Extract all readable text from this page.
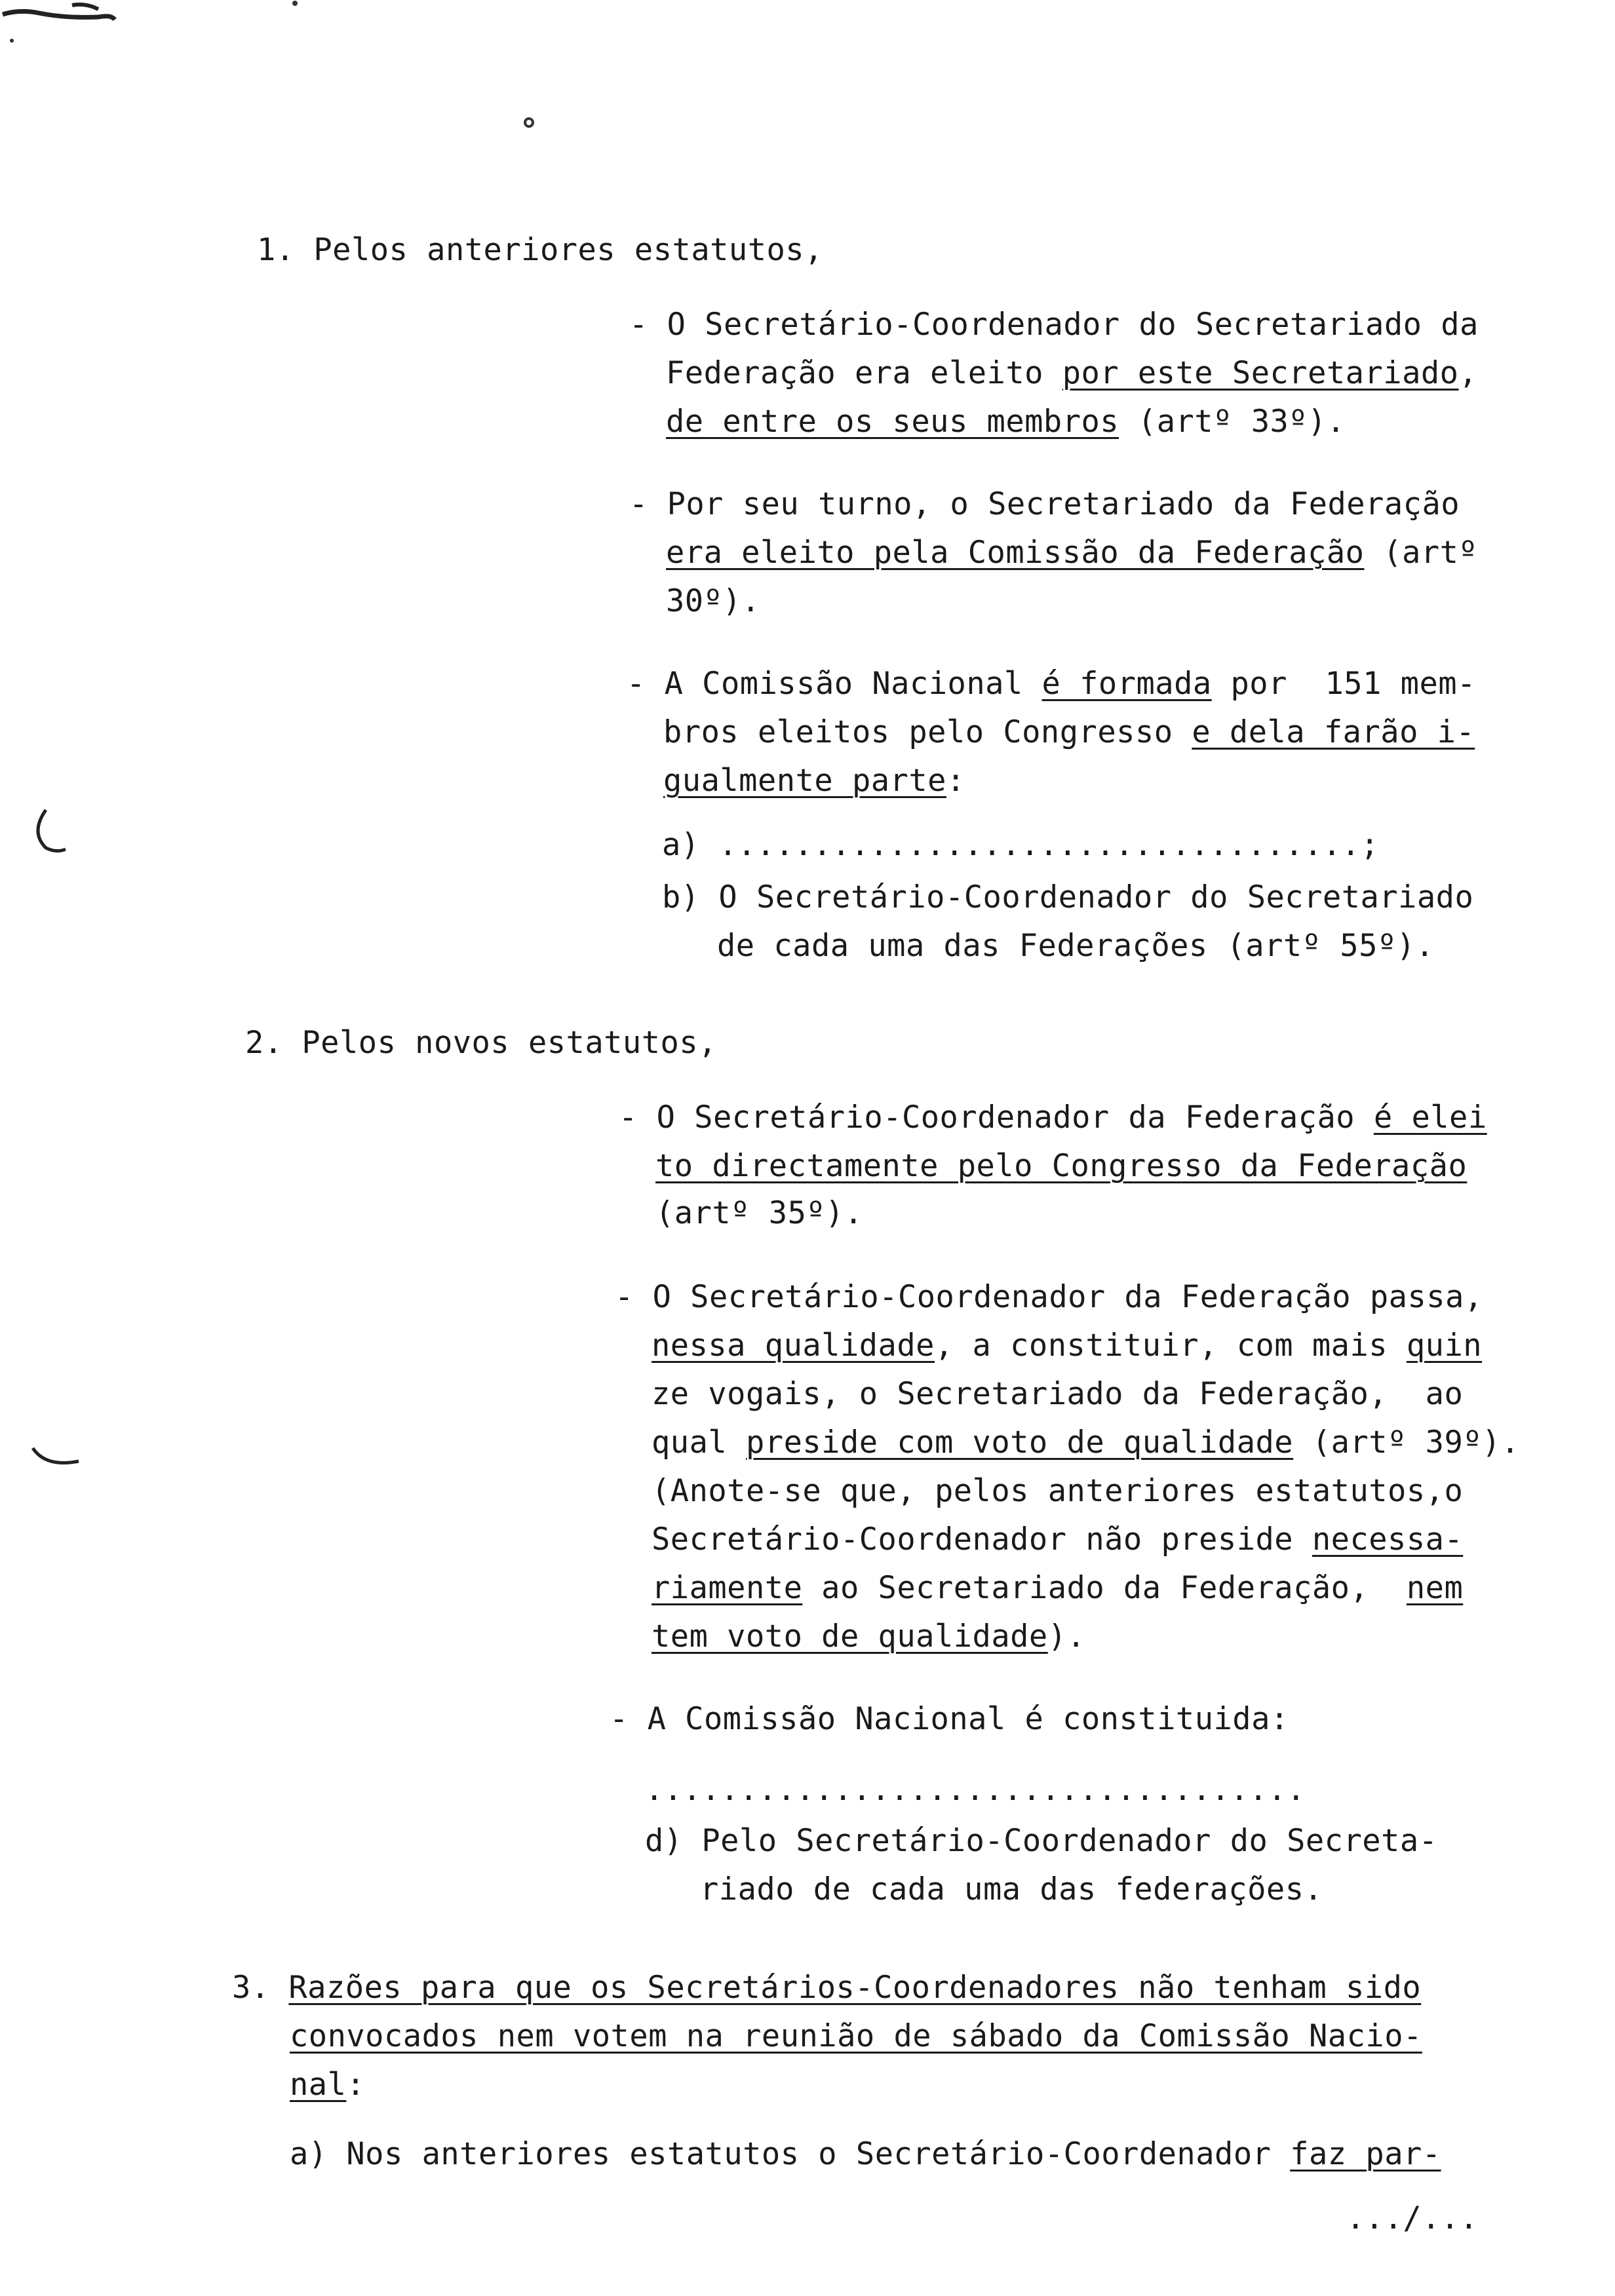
1. Pelos anteriores estatutos,
- O Secretário-Coordenador do Secretariado da
Federação era eleito por este Secretariado,
de entre os seus membros (artº 33º).
- Por seu turno, o Secretariado da Federação
era eleito pela Comissão da Federação (artº
30º).
- A Comissão Nacional é formada por  151 mem-
bros eleitos pelo Congresso e dela farão i-
gualmente parte:
a) ..................................;
b) O Secretário-Coordenador do Secretariado
de cada uma das Federações (artº 55º).
2. Pelos novos estatutos,
- O Secretário-Coordenador da Federação é elei
to directamente pelo Congresso da Federação
(artº 35º).
- O Secretário-Coordenador da Federação passa,
nessa qualidade, a constituir, com mais quin
ze vogais, o Secretariado da Federação,  ao
qual preside com voto de qualidade (artº 39º).
(Anote-se que, pelos anteriores estatutos,o
Secretário-Coordenador não preside necessa-
riamente ao Secretariado da Federação,  nem
tem voto de qualidade).
- A Comissão Nacional é constituida:
...................................
d) Pelo Secretário-Coordenador do Secreta-
riado de cada uma das federações.
3. Razões para que os Secretários-Coordenadores não tenham sido
convocados nem votem na reunião de sábado da Comissão Nacio-
nal:
a) Nos anteriores estatutos o Secretário-Coordenador faz par-
.../...
